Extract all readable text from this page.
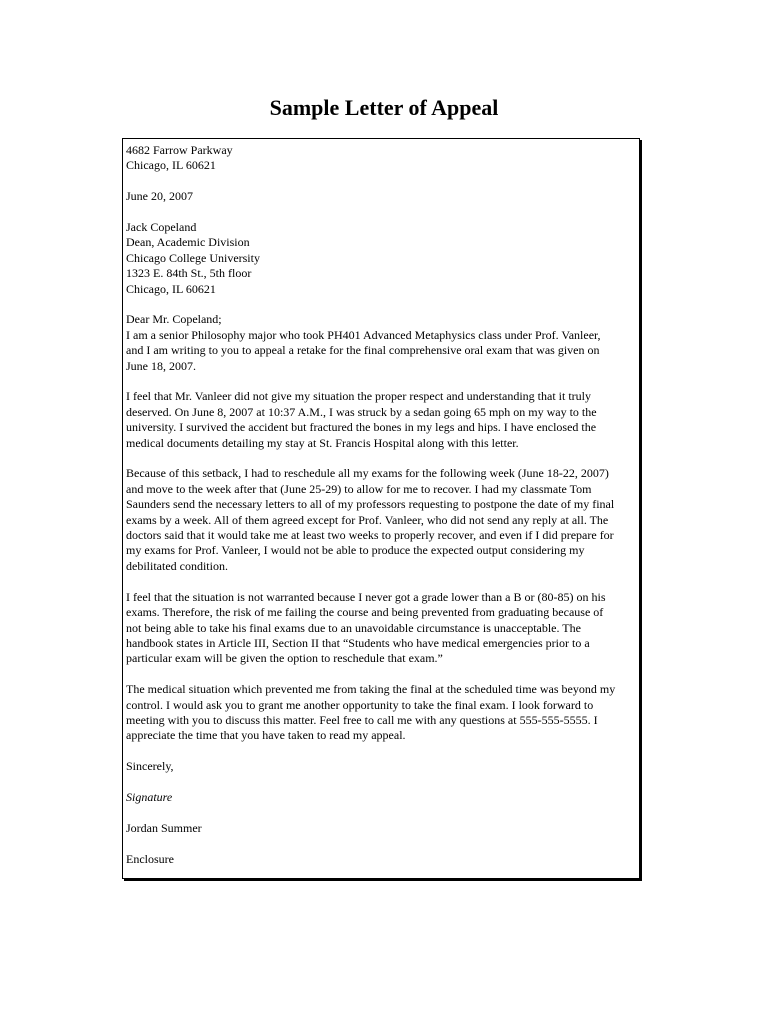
Sample Letter of Appeal

4682 Farrow Parkway
Chicago, IL 60621

June 20, 2007

Jack Copeland
Dean, Academic Division
Chicago College University
1323 E. 84th St., 5th floor
Chicago, IL 60621

Dear Mr. Copeland;
I am a senior Philosophy major who took PH401 Advanced Metaphysics class under Prof. Vanleer,
and I am writing to you to appeal a retake for the final comprehensive oral exam that was given on
June 18, 2007.

I feel that Mr. Vanleer did not give my situation the proper respect and understanding that it truly
deserved. On June 8, 2007 at 10:37 A.M., I was struck by a sedan going 65 mph on my way to the
university. I survived the accident but fractured the bones in my legs and hips. I have enclosed the
medical documents detailing my stay at St. Francis Hospital along with this letter.

Because of this setback, I had to reschedule all my exams for the following week (June 18-22, 2007)
and move to the week after that (June 25-29) to allow for me to recover. I had my classmate Tom
Saunders send the necessary letters to all of my professors requesting to postpone the date of my final
exams by a week. All of them agreed except for Prof. Vanleer, who did not send any reply at all. The
doctors said that it would take me at least two weeks to properly recover, and even if I did prepare for
my exams for Prof. Vanleer, I would not be able to produce the expected output considering my
debilitated condition.

I feel that the situation is not warranted because I never got a grade lower than a B or (80-85) on his
exams. Therefore, the risk of me failing the course and being prevented from graduating because of
not being able to take his final exams due to an unavoidable circumstance is unacceptable. The
handbook states in Article III, Section II that “Students who have medical emergencies prior to a
particular exam will be given the option to reschedule that exam.”

The medical situation which prevented me from taking the final at the scheduled time was beyond my
control. I would ask you to grant me another opportunity to take the final exam. I look forward to
meeting with you to discuss this matter. Feel free to call me with any questions at 555-555-5555. I
appreciate the time that you have taken to read my appeal.

Sincerely,

Signature

Jordan Summer

Enclosure
